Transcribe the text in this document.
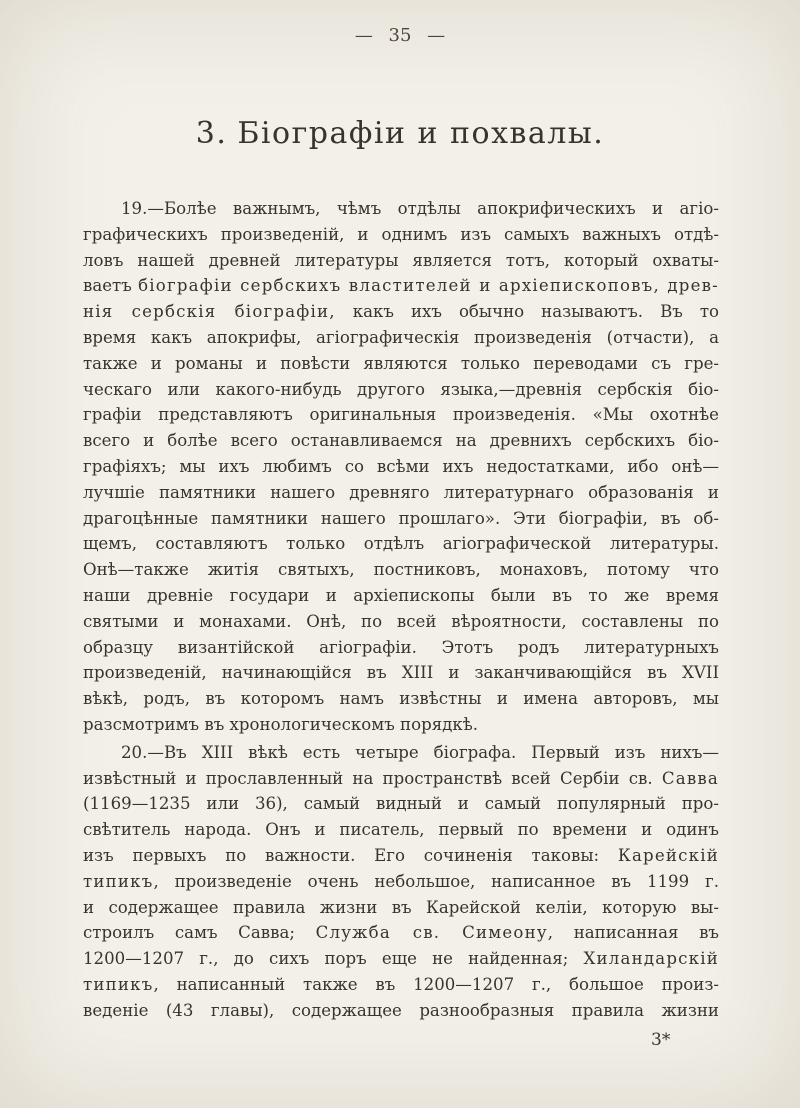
— 35 —
3. Біографіи и похвалы.

19.—Болѣе важнымъ, чѣмъ отдѣлы апокрифическихъ и агіо-
графическихъ произведеній, и однимъ изъ самыхъ важныхъ отдѣ-
ловъ нашей древней литературы является тотъ, который охваты-
ваетъ біографіи сербскихъ властителей и архіепископовъ, древ-
нія сербскія біографіи, какъ ихъ обычно называютъ. Въ то
время какъ апокрифы, агіографическія произведенія (отчасти), а
также и романы и повѣсти являются только переводами съ гре-
ческаго или какого-нибудь другого языка,—древнія сербскія біо-
графіи представляютъ оригинальныя произведенія. «Мы охотнѣе
всего и болѣе всего останавливаемся на древнихъ сербскихъ біо-
графіяхъ; мы ихъ любимъ со всѣми ихъ недостатками, ибо онѣ—
лучшіе памятники нашего древняго литературнаго образованія и
драгоцѣнные памятники нашего прошлаго». Эти біографіи, въ об-
щемъ, составляютъ только отдѣлъ агіографической литературы.
Онѣ—также житія святыхъ, постниковъ, монаховъ, потому что
наши древніе государи и архіепископы были въ то же время
святыми и монахами. Онѣ, по всей вѣроятности, составлены по
образцу византійской агіографіи. Этотъ родъ литературныхъ
произведеній, начинающійся въ XIII и заканчивающійся въ XVII
вѣкѣ, родъ, въ которомъ намъ извѣстны и имена авторовъ, мы
разсмотримъ въ хронологическомъ порядкѣ.

20.—Въ XIII вѣкѣ есть четыре біографа. Первый изъ нихъ—
извѣстный и прославленный на пространствѣ всей Сербіи св. Савва
(1169—1235 или 36), самый видный и самый популярный про-
свѣтитель народа. Онъ и писатель, первый по времени и одинъ
изъ первыхъ по важности. Его сочиненія таковы: Карейскій
типикъ, произведеніе очень небольшое, написанное въ 1199 г.
и содержащее правила жизни въ Карейской келіи, которую вы-
строилъ самъ Савва; Служба св. Симеону, написанная въ
1200—1207 г., до сихъ поръ еще не найденная; Хиландарскій
типикъ, написанный также въ 1200—1207 г., большое произ-
веденіе (43 главы), содержащее разнообразныя правила жизни

3*
